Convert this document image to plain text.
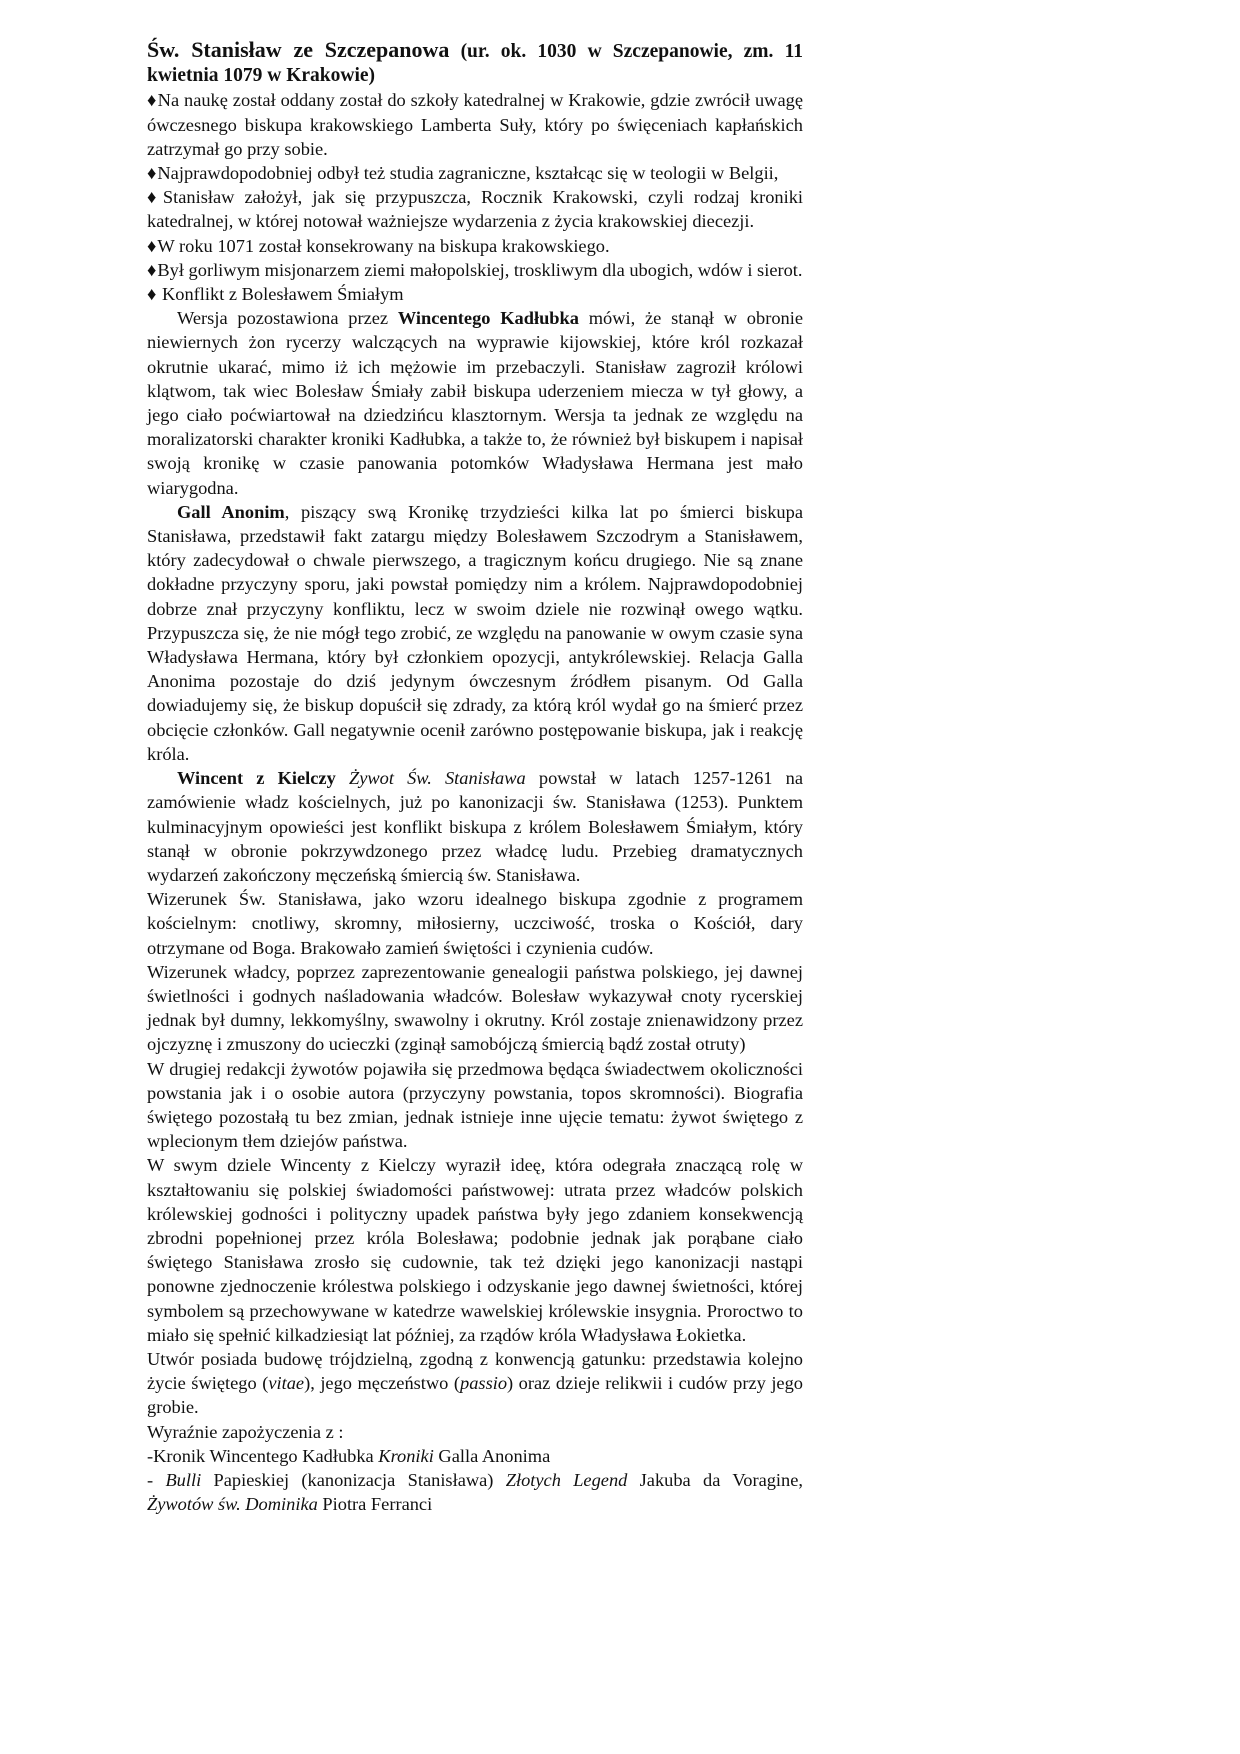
Św. Stanisław ze Szczepanowa (ur. ok. 1030 w Szczepanowie, zm. 11 kwietnia 1079 w Krakowie)

♦Na naukę został oddany został do szkoły katedralnej w Krakowie, gdzie zwrócił uwagę ówczesnego biskupa krakowskiego Lamberta Suły, który po święceniach kapłańskich zatrzymał go przy sobie.

♦Najprawdopodobniej odbył też studia zagraniczne, kształcąc się w teologii w Belgii,

♦Stanisław założył, jak się przypuszcza, Rocznik Krakowski, czyli rodzaj kroniki katedralnej, w której notował ważniejsze wydarzenia z życia krakowskiej diecezji.

♦W roku 1071 został konsekrowany na biskupa krakowskiego.

♦Był gorliwym misjonarzem ziemi małopolskiej, troskliwym dla ubogich, wdów i sierot.

♦ Konflikt z Bolesławem Śmiałym

Wersja pozostawiona przez Wincentego Kadłubka mówi, że stanął w obronie niewiernych żon rycerzy walczących na wyprawie kijowskiej, które król rozkazał okrutnie ukarać, mimo iż ich mężowie im przebaczyli. Stanisław zagroził królowi klątwom, tak wiec Bolesław Śmiały zabił biskupa uderzeniem miecza w tył głowy, a jego ciało poćwiartował na dziedzińcu klasztornym. Wersja ta jednak ze względu na moralizatorski charakter kroniki Kadłubka, a także to, że również był biskupem i napisał swoją kronikę w czasie panowania potomków Władysława Hermana jest mało wiarygodna.

Gall Anonim, piszący swą Kronikę trzydzieści kilka lat po śmierci biskupa Stanisława, przedstawił fakt zatargu między Bolesławem Szczodrym a Stanisławem, który zadecydował o chwale pierwszego, a tragicznym końcu drugiego. Nie są znane dokładne przyczyny sporu, jaki powstał pomiędzy nim a królem. Najprawdopodobniej dobrze znał przyczyny konfliktu, lecz w swoim dziele nie rozwinął owego wątku. Przypuszcza się, że nie mógł tego zrobić, ze względu na panowanie w owym czasie syna Władysława Hermana, który był członkiem opozycji, antykrólewskiej. Relacja Galla Anonima pozostaje do dziś jedynym ówczesnym źródłem pisanym. Od Galla dowiadujemy się, że biskup dopuścił się zdrady, za którą król wydał go na śmierć przez obcięcie członków. Gall negatywnie ocenił zarówno postępowanie biskupa, jak i reakcję króla.

Wincent z Kielczy Żywot Św. Stanisława powstał w latach 1257-1261 na zamówienie władz kościelnych, już po kanonizacji św. Stanisława (1253). Punktem kulminacyjnym opowieści jest konflikt biskupa z królem Bolesławem Śmiałym, który stanął w obronie pokrzywdzonego przez władcę ludu. Przebieg dramatycznych wydarzeń zakończony męczeńską śmiercią św. Stanisława.

Wizerunek Św. Stanisława, jako wzoru idealnego biskupa zgodnie z programem kościelnym: cnotliwy, skromny, miłosierny, uczciwość, troska o Kościół, dary otrzymane od Boga. Brakowało zamień świętości i czynienia cudów.

Wizerunek władcy, poprzez zaprezentowanie genealogii państwa polskiego, jej dawnej świetlności i godnych naśladowania władców. Bolesław wykazywał cnoty rycerskiej jednak był dumny, lekkomyślny, swawolny i okrutny. Król zostaje znienawidzony przez ojczyznę i zmuszony do ucieczki (zginął samobójczą śmiercią bądź został otruty)

W drugiej redakcji żywotów pojawiła się przedmowa będąca świadectwem okoliczności powstania jak i o osobie autora (przyczyny powstania, topos skromności). Biografia świętego pozostałą tu bez zmian, jednak istnieje inne ujęcie tematu: żywot świętego z wplecionym tłem dziejów państwa.

W swym dziele Wincenty z Kielczy wyraził ideę, która odegrała znaczącą rolę w kształtowaniu się polskiej świadomości państwowej: utrata przez władców polskich królewskiej godności i polityczny upadek państwa były jego zdaniem konsekwencją zbrodni popełnionej przez króla Bolesława; podobnie jednak jak porąbane ciało świętego Stanisława zrosło się cudownie, tak też dzięki jego kanonizacji nastąpi ponowne zjednoczenie królestwa polskiego i odzyskanie jego dawnej świetności, której symbolem są przechowywane w katedrze wawelskiej królewskie insygnia. Proroctwo to miało się spełnić kilkadziesiąt lat później, za rządów króla Władysława Łokietka.

Utwór posiada budowę trójdzielną, zgodną z konwencją gatunku: przedstawia kolejno życie świętego (vitae), jego męczeństwo (passio) oraz dzieje relikwii i cudów przy jego grobie.

Wyraźnie zapożyczenia z :

-Kronik Wincentego Kadłubka Kroniki Galla Anonima

- Bulli Papieskiej (kanonizacja Stanisława) Złotych Legend Jakuba da Voragine, Żywotów św. Dominika Piotra Ferranci
